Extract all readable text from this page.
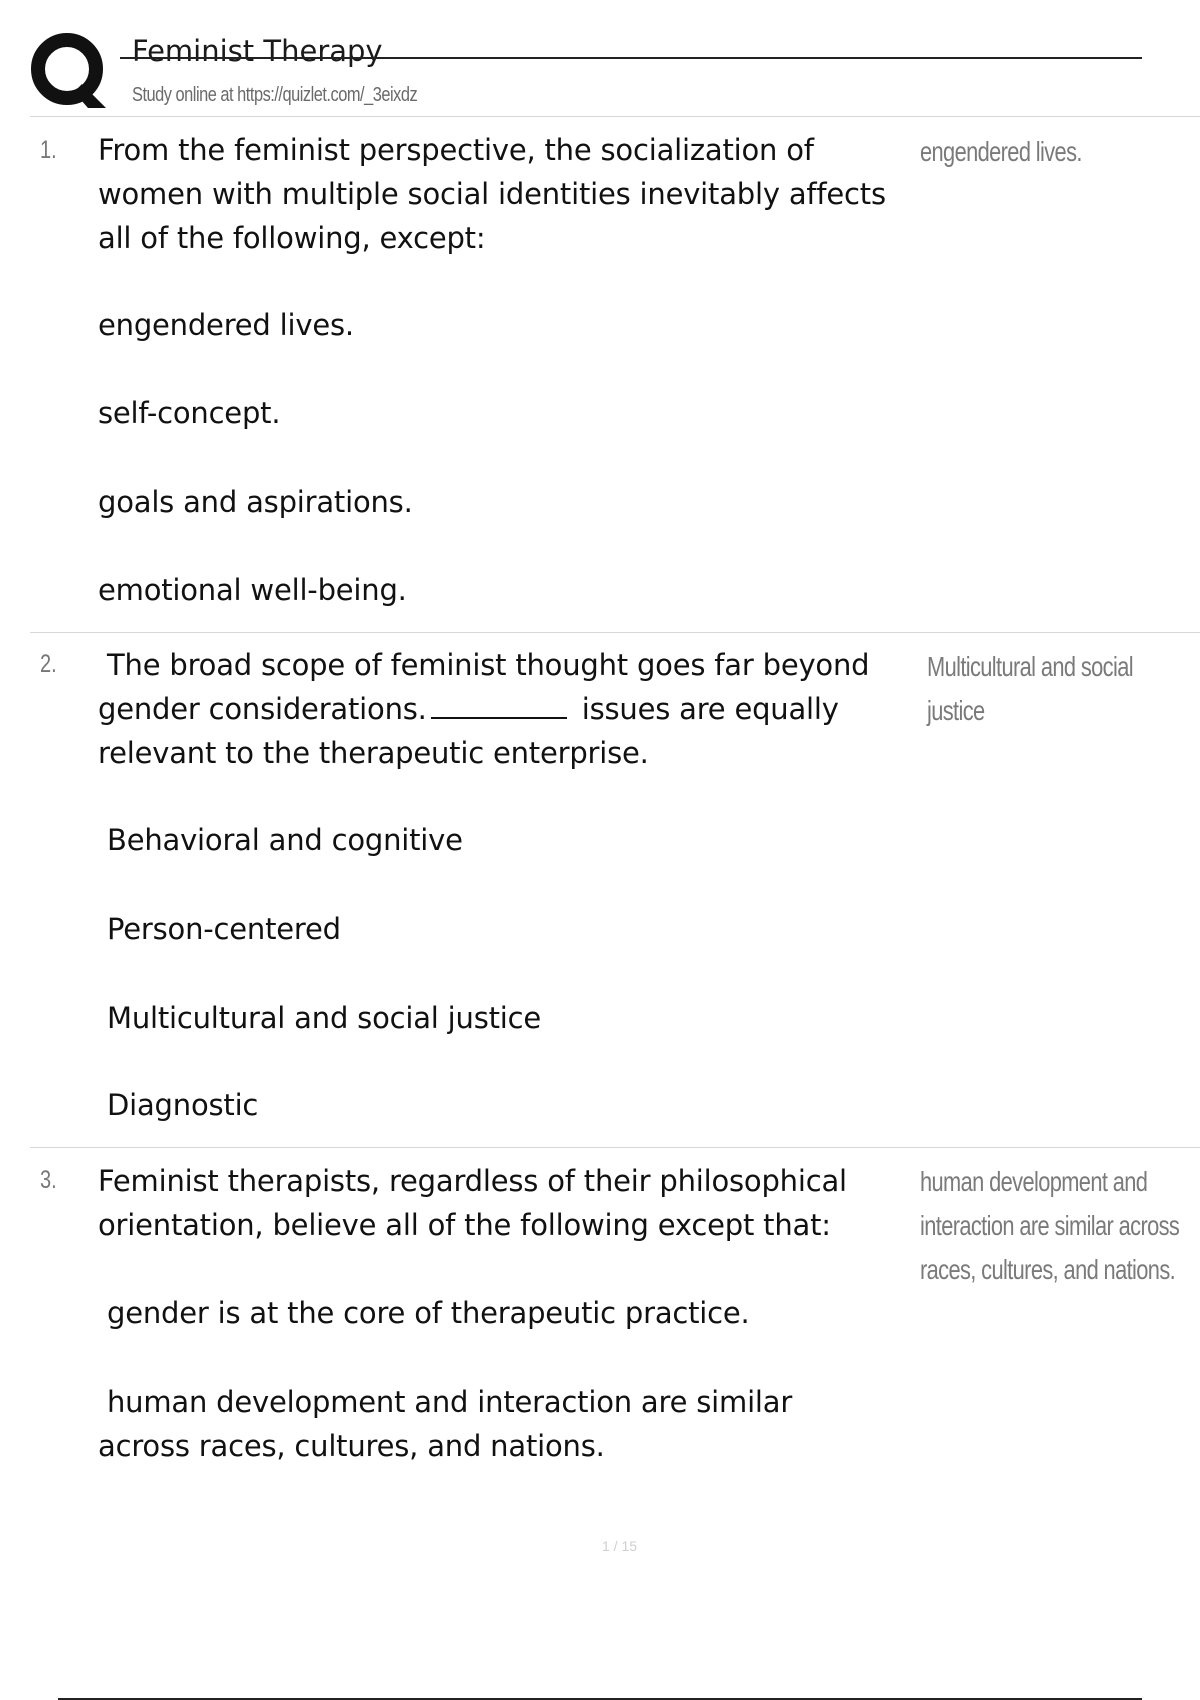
Feminist Therapy
Study online at https://quizlet.com/_3eixdz
1. From the feminist perspective, the socialization of women with multiple social identities inevitably affects all of the following, except:
engendered lives.
self-concept.
goals and aspirations.
emotional well-being.
engendered lives.
2.	The broad scope of feminist thought goes far beyond gender considerations.	issues are equally relevant to the therapeutic enterprise.
Behavioral and cognitive
Person-centered
Multicultural and social justice
Diagnostic
Multicultural and social justice
3. Feminist therapists, regardless of their philosophical orientation, believe all of the following except that:
gender is at the core of therapeutic practice.
human development and interaction are similar across races, cultures, and nations.
human development and interaction are similar across races, cultures, and nations.
1 / 15
